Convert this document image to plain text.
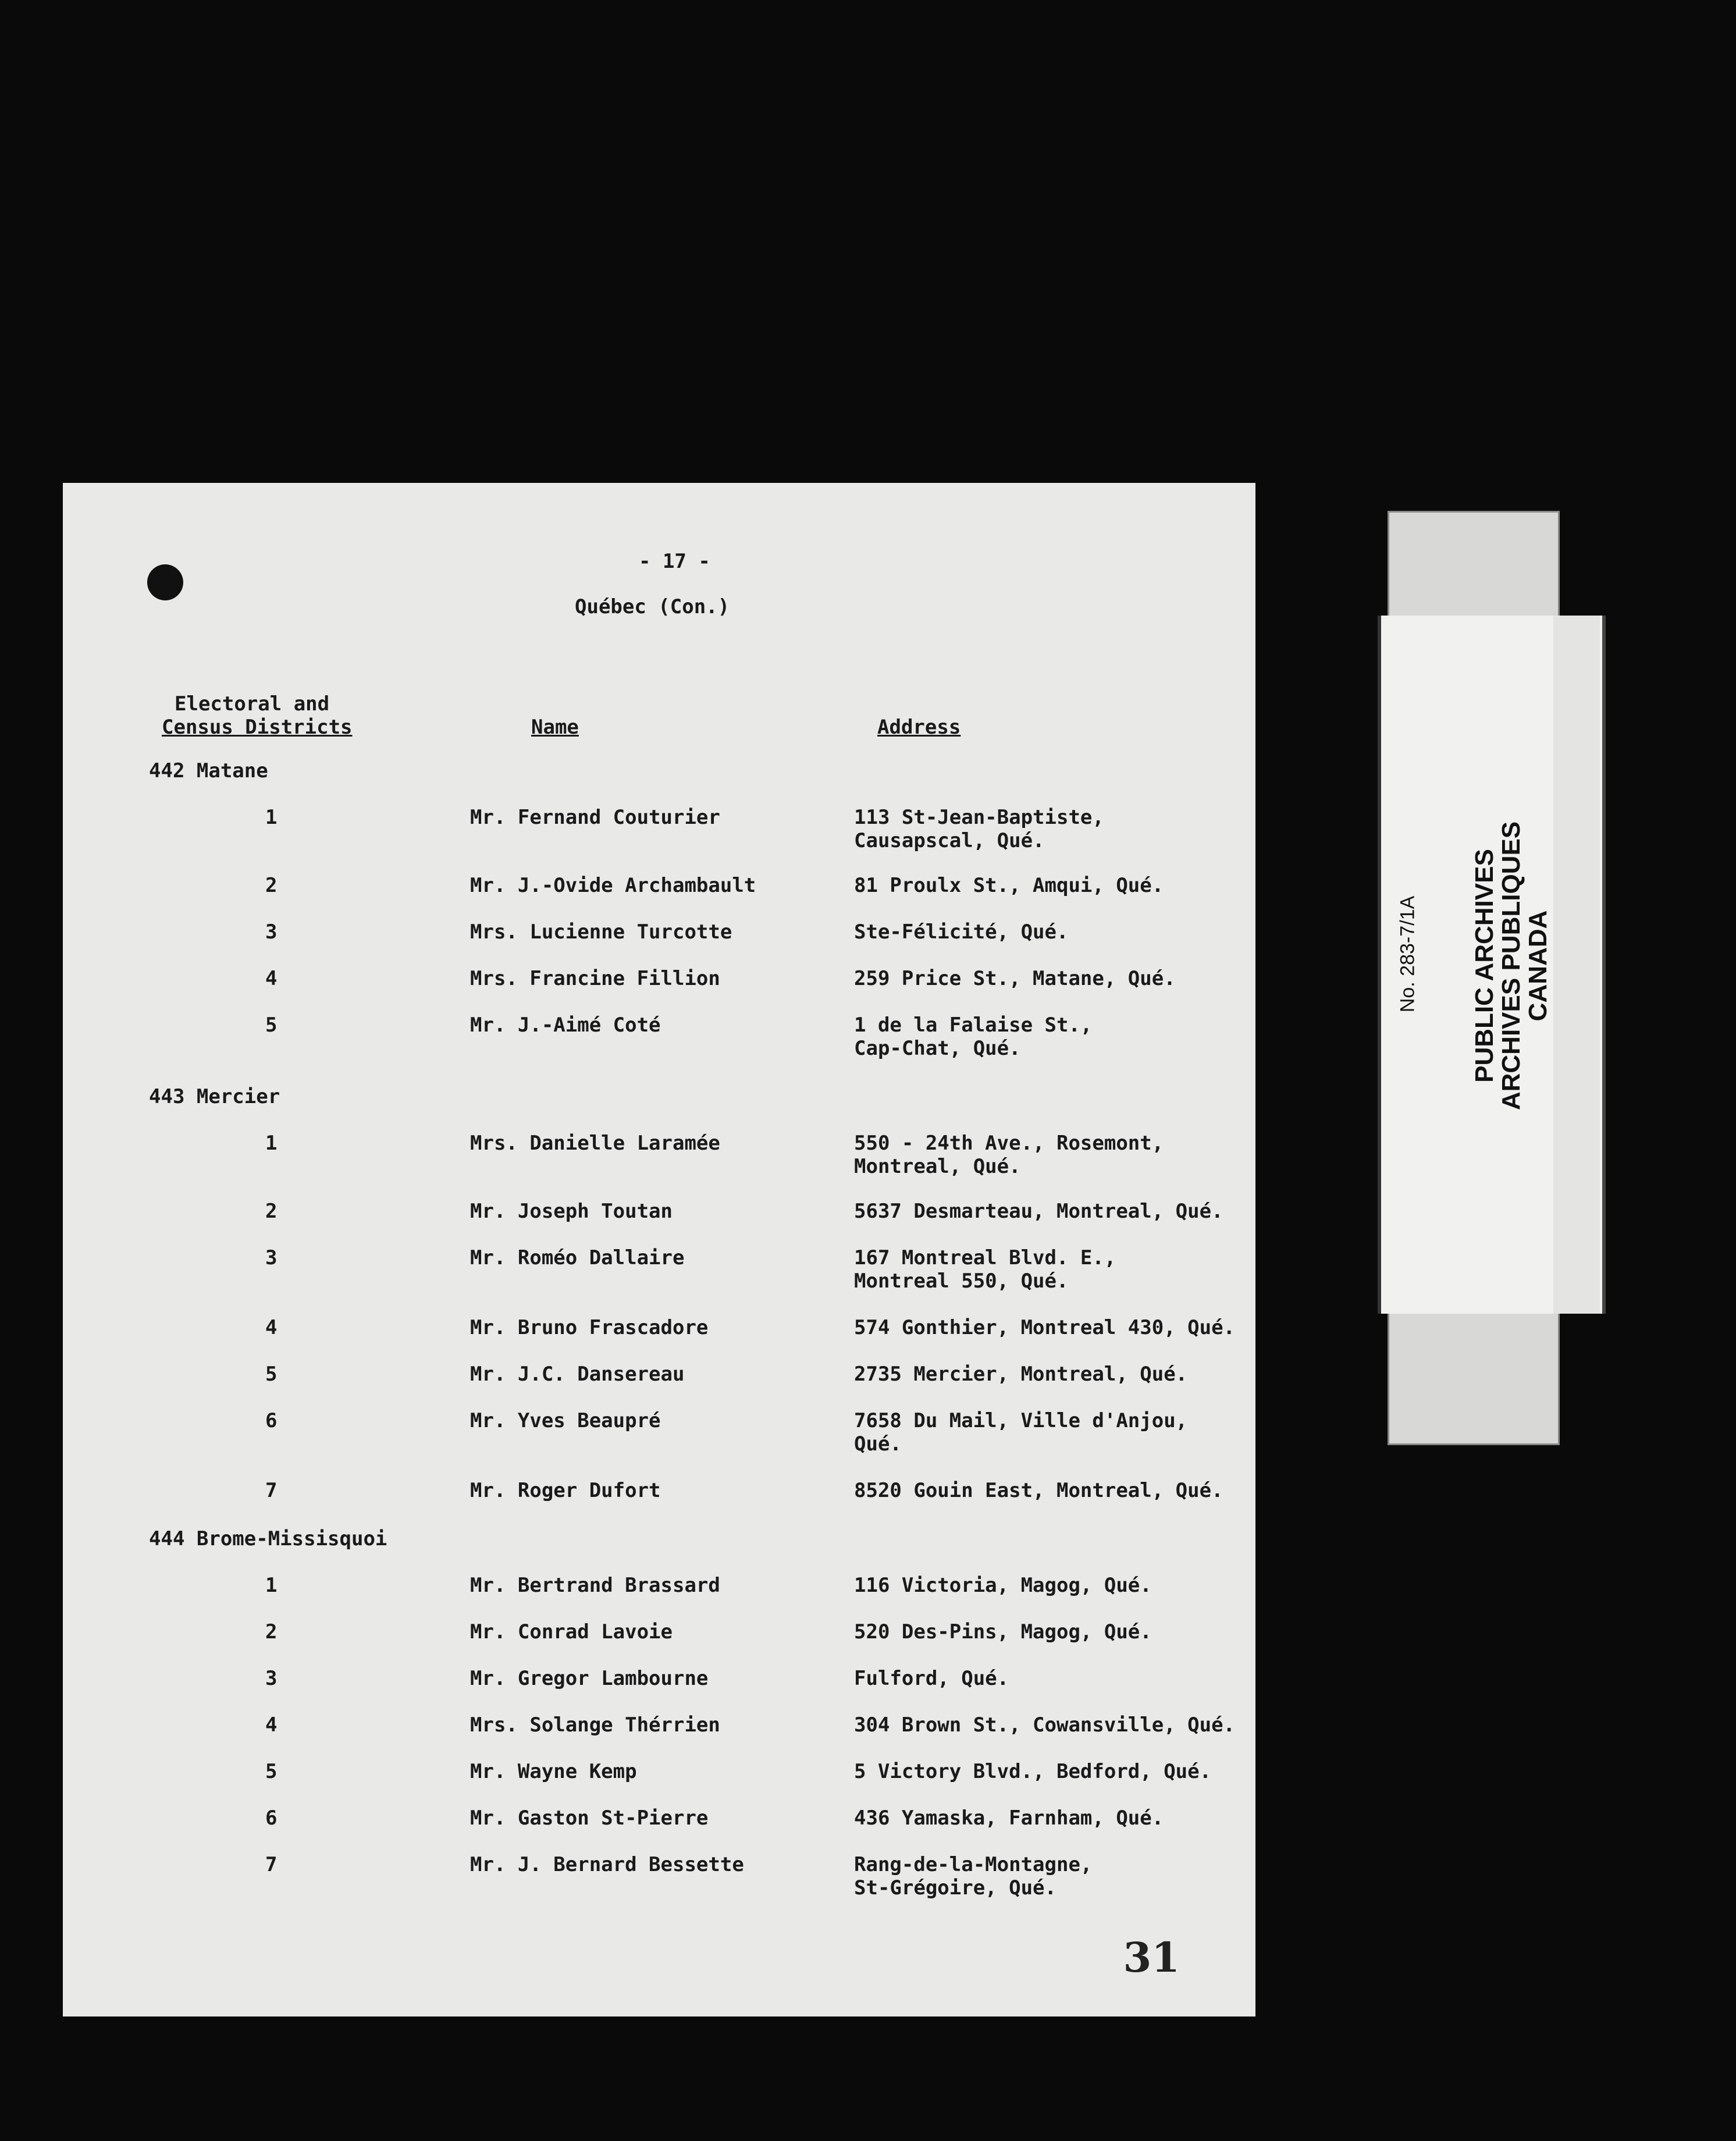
- 17 -
Québec (Con.)
Electoral and
Census Districts	Name	Address
442 Matane
1	Mr. Fernand Couturier	113 St-Jean-Baptiste,
Causapscal, Qué.
2	Mr. J.-Ovide Archambault	81 Proulx St., Amqui, Qué.
3	Mrs. Lucienne Turcotte	Ste-Félicité, Qué.
4	Mrs. Francine Fillion	259 Price St., Matane, Qué.
5	Mr. J.-Aimé Coté	1 de la Falaise St.,
Cap-Chat, Qué.
443 Mercier
1	Mrs. Danielle Laramée	550 - 24th Ave., Rosemont,
Montreal, Qué.
2	Mr. Joseph Toutan	5637 Desmarteau, Montreal, Qué.
3	Mr. Roméo Dallaire	167 Montreal Blvd. E.,
Montreal 550, Qué.
4	Mr. Bruno Frascadore	574 Gonthier, Montreal 430, Qué.
5	Mr. J.C. Dansereau	2735 Mercier, Montreal, Qué.
6	Mr. Yves Beaupré	7658 Du Mail, Ville d'Anjou,
Qué.
7	Mr. Roger Dufort	8520 Gouin East, Montreal, Qué.
444 Brome-Missisquoi
1	Mr. Bertrand Brassard	116 Victoria, Magog, Qué.
2	Mr. Conrad Lavoie	520 Des-Pins, Magog, Qué.
3	Mr. Gregor Lambourne	Fulford, Qué.
4	Mrs. Solange Thérrien	304 Brown St., Cowansville, Qué.
5	Mr. Wayne Kemp	5 Victory Blvd., Bedford, Qué.
6	Mr. Gaston St-Pierre	436 Yamaska, Farnham, Qué.
7	Mr. J. Bernard Bessette	Rang-de-la-Montagne,
St-Grégoire, Qué.
31
PUBLIC ARCHIVES
ARCHIVES PUBLIQUES
CANADA
No. 283-7/1A
